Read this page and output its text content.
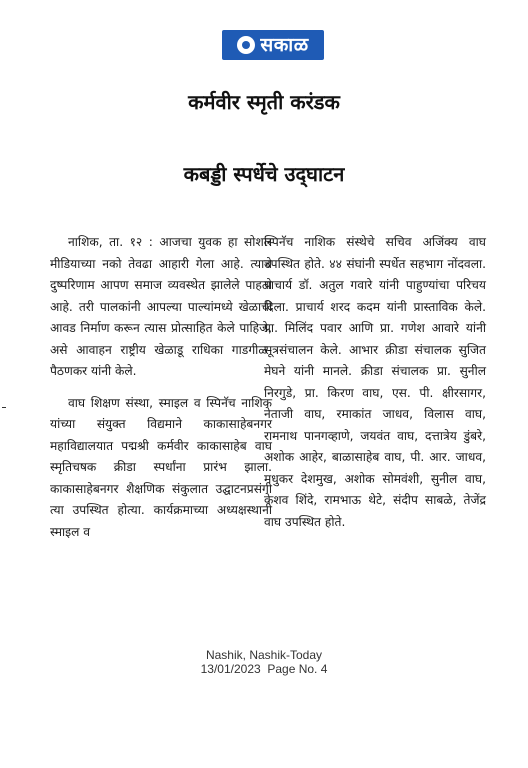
सकाळ
कर्मवीर स्मृती करंडक
कबड्डी स्पर्धेचे उद्‌घाटन

नाशिक, ता. १२ : आजचा युवक हा सोशल मीडियाच्या नको तेवढा आहारी गेला आहे. त्याचे दुष्परिणाम आपण समाज व्यवस्थेत झालेले पाहतो आहे. तरी पालकांनी आपल्या पाल्यांमध्ये खेळाची आवड निर्माण करून त्यास प्रोत्साहित केले पाहिजे, असे आवाहन राष्ट्रीय खेळाडू राधिका गाडगीळ-पैठणकर यांनी केले.

वाघ शिक्षण संस्था, स्माइल व स्पिनॅच नाशिक यांच्या संयुक्त विद्यमाने काकासाहेबनगर महाविद्यालयात पद्मश्री कर्मवीर काकासाहेब वाघ स्मृतिचषक क्रीडा स्पर्धांना प्रारंभ झाला. काकासाहेबनगर शैक्षणिक संकुलात उद्घाटनप्रसंगी त्या उपस्थित होत्या. कार्यक्रमाच्या अध्यक्षस्थानी स्माइल व

स्पिनॅच नाशिक संस्थेचे सचिव अजिंक्य वाघ उपस्थित होते. ४४ संघांनी स्पर्धेत सहभाग नोंदवला. प्राचार्य डॉ. अतुल गवारे यांनी पाहुण्यांचा परिचय दिला. प्राचार्य शरद कदम यांनी प्रास्ताविक केले. प्रा. मिलिंद पवार आणि प्रा. गणेश आवारे यांनी सूत्रसंचालन केले. आभार क्रीडा संचालक सुजित मेघने यांनी मानले. क्रीडा संचालक प्रा. सुनील निरगुडे, प्रा. किरण वाघ, एस. पी. क्षीरसागर, नेताजी वाघ, रमाकांत जाधव, विलास वाघ, रामनाथ पानगव्हाणे, जयवंत वाघ, दत्तात्रेय डुंबरे, अशोक आहेर, बाळासाहेब वाघ, पी. आर. जाधव, मधुकर देशमुख, अशोक सोमवंशी, सुनील वाघ, केशव शिंदे, रामभाऊ थेटे, संदीप साबळे, तेजेंद्र वाघ उपस्थित होते.

Nashik, Nashik-Today
13/01/2023  Page No. 4
